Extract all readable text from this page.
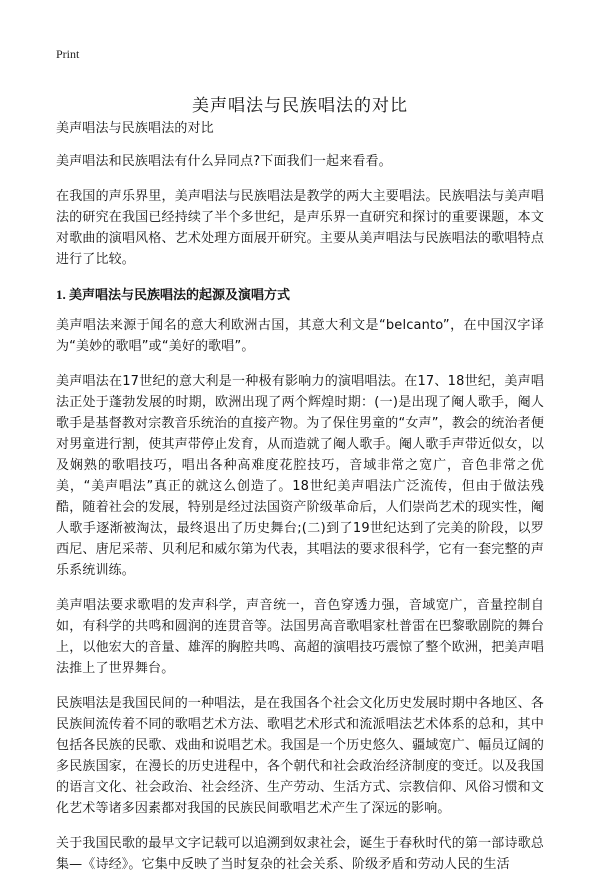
Print
美声唱法与民族唱法的对比

美声唱法与民族唱法的对比

美声唱法和民族唱法有什么异同点?下面我们一起来看看。

在我国的声乐界里，美声唱法与民族唱法是教学的两大主要唱法。民族唱法与美声唱法的研究在我国已经持续了半个多世纪，是声乐界一直研究和探讨的重要课题，本文对歌曲的演唱风格、艺术处理方面展开研究。主要从美声唱法与民族唱法的歌唱特点进行了比较。

1. 美声唱法与民族唱法的起源及演唱方式

美声唱法来源于闻名的意大利欧洲古国，其意大利文是“belcanto”，在中国汉字译为“美妙的歌唱”或“美好的歌唱”。

美声唱法在17世纪的意大利是一种极有影响力的演唱唱法。在17、18世纪，美声唱法正处于蓬勃发展的时期，欧洲出现了两个辉煌时期：(一)是出现了阉人歌手，阉人歌手是基督教对宗教音乐统治的直接产物。为了保住男童的“女声”，教会的统治者便对男童进行割，使其声带停止发育，从而造就了阉人歌手。阉人歌手声带近似女，以及娴熟的歌唱技巧，唱出各种高难度花腔技巧，音域非常之宽广，音色非常之优美，“美声唱法”真正的就这么创造了。18世纪美声唱法广泛流传，但由于做法残酷，随着社会的发展，特别是经过法国资产阶级革命后，人们崇尚艺术的现实性，阉人歌手逐渐被淘汰，最终退出了历史舞台;(二)到了19世纪达到了完美的阶段，以罗西尼、唐尼采蒂、贝利尼和威尔第为代表，其唱法的要求很科学，它有一套完整的声乐系统训练。

美声唱法要求歌唱的发声科学，声音统一，音色穿透力强，音域宽广，音量控制自如，有科学的共鸣和圆润的连贯音等。法国男高音歌唱家杜普雷在巴黎歌剧院的舞台上，以他宏大的音量、雄浑的胸腔共鸣、高超的演唱技巧震惊了整个欧洲，把美声唱法推上了世界舞台。

民族唱法是我国民间的一种唱法，是在我国各个社会文化历史发展时期中各地区、各民族间流传着不同的歌唱艺术方法、歌唱艺术形式和流派唱法艺术体系的总和，其中包括各民族的民歌、戏曲和说唱艺术。我国是一个历史悠久、疆域宽广、幅员辽阔的多民族国家，在漫长的历史进程中，各个朝代和社会政治经济制度的变迁。以及我国的语言文化、社会政治、社会经济、生产劳动、生活方式、宗教信仰、风俗习惯和文化艺术等诸多因素都对我国的民族民间歌唱艺术产生了深远的影响。

关于我国民歌的最早文字记载可以追溯到奴隶社会，诞生于春秋时代的第一部诗歌总集—《诗经》。它集中反映了当时复杂的社会关系、阶级矛盾和劳动人民的生活
